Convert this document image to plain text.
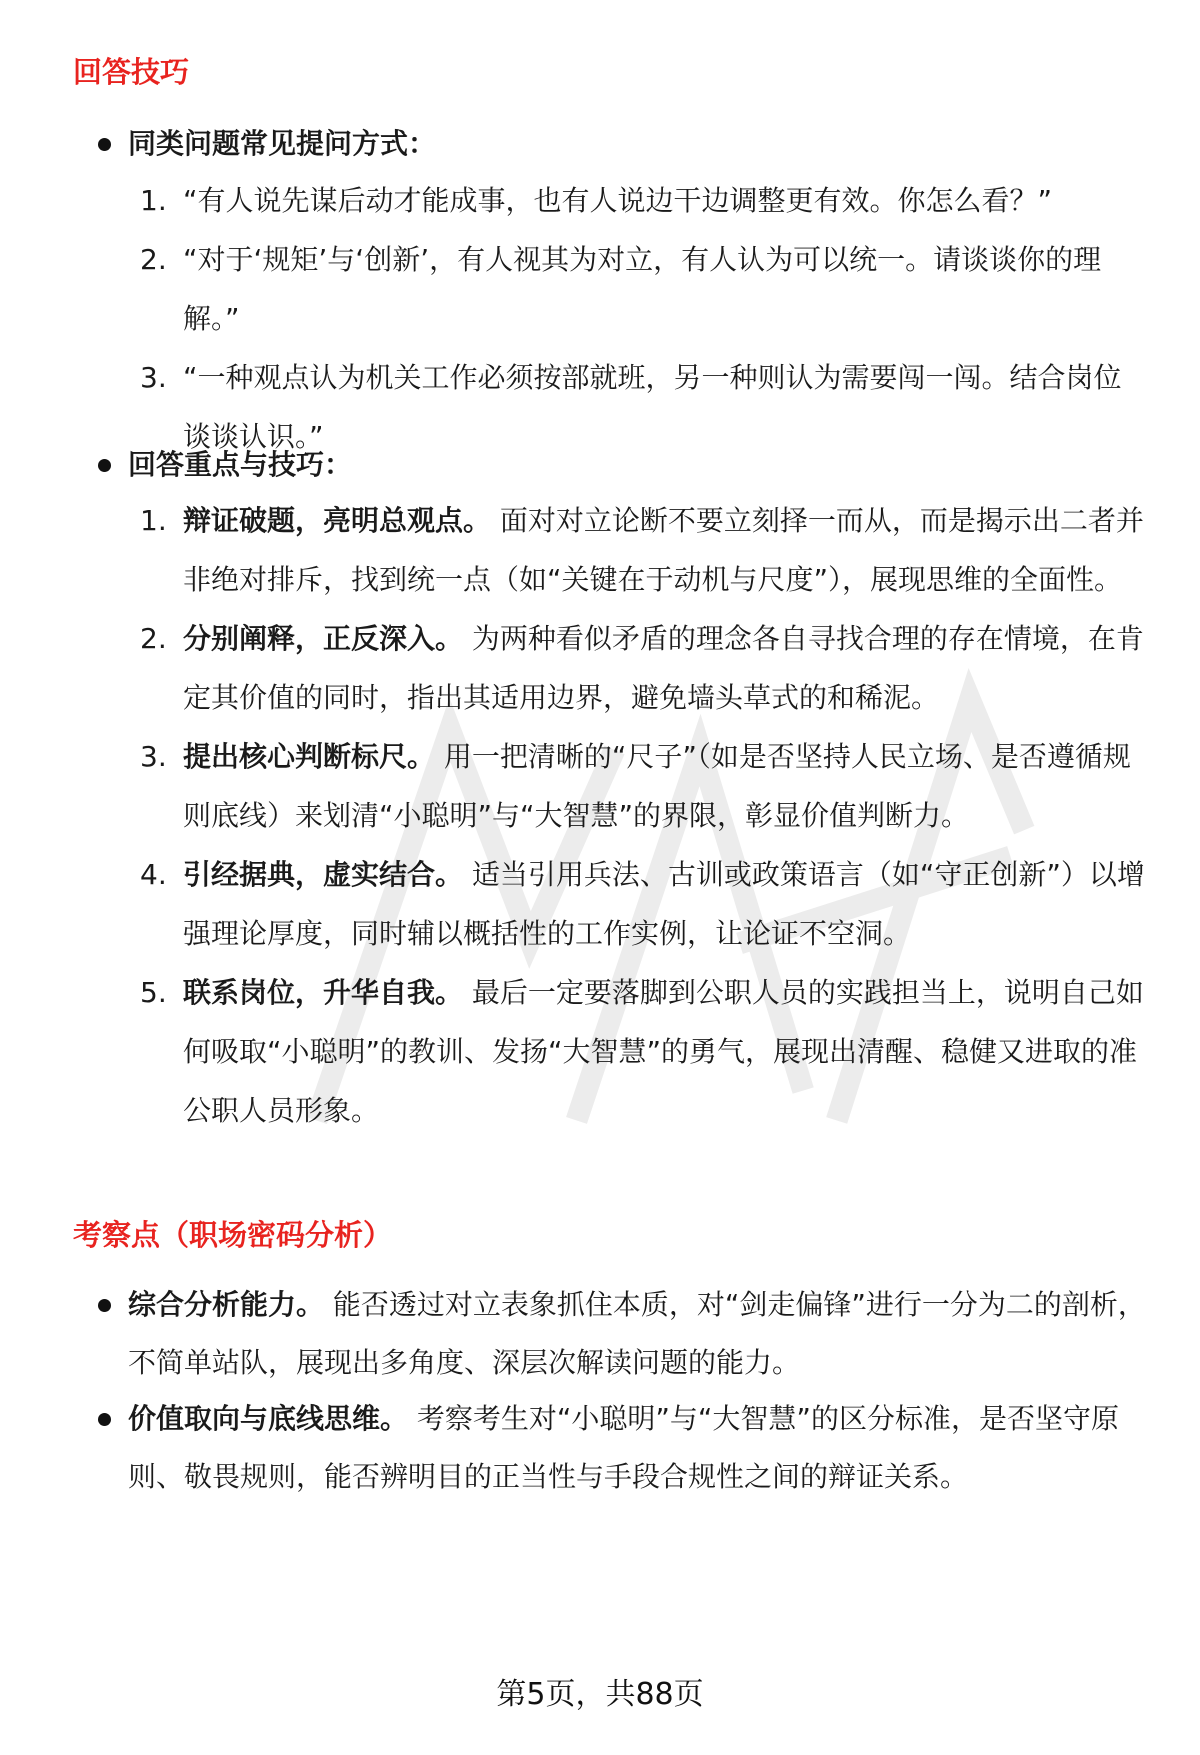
回答技巧
同类问题常见提问方式：
1. “有人说先谋后动才能成事，也有人说边干边调整更有效。你怎么看？”
2. “对于‘规矩’与‘创新’，有人视其为对立，有人认为可以统一。请谈谈你的理解。”
3. “一种观点认为机关工作必须按部就班，另一种则认为需要闯一闯。结合岗位谈谈认识。”
回答重点与技巧：
1. 辩证破题，亮明总观点。 面对对立论断不要立刻择一而从，而是揭示出二者并非绝对排斥，找到统一点（如“关键在于动机与尺度”），展现思维的全面性。
2. 分别阐释，正反深入。 为两种看似矛盾的理念各自寻找合理的存在情境，在肯定其价值的同时，指出其适用边界，避免墙头草式的和稀泥。
3. 提出核心判断标尺。 用一把清晰的“尺子”（如是否坚持人民立场、是否遵循规则底线）来划清“小聪明”与“大智慧”的界限，彰显价值判断力。
4. 引经据典，虚实结合。 适当引用兵法、古训或政策语言（如“守正创新”）以增强理论厚度，同时辅以概括性的工作实例，让论证不空洞。
5. 联系岗位，升华自我。 最后一定要落脚到公职人员的实践担当上，说明自己如何吸取“小聪明”的教训、发扬“大智慧”的勇气，展现出清醒、稳健又进取的准公职人员形象。
考察点（职场密码分析）
综合分析能力。 能否透过对立表象抓住本质，对“剑走偏锋”进行一分为二的剖析，不简单站队，展现出多角度、深层次解读问题的能力。
价值取向与底线思维。 考察考生对“小聪明”与“大智慧”的区分标准，是否坚守原则、敬畏规则，能否辨明目的正当性与手段合规性之间的辩证关系。
第5页，共88页
